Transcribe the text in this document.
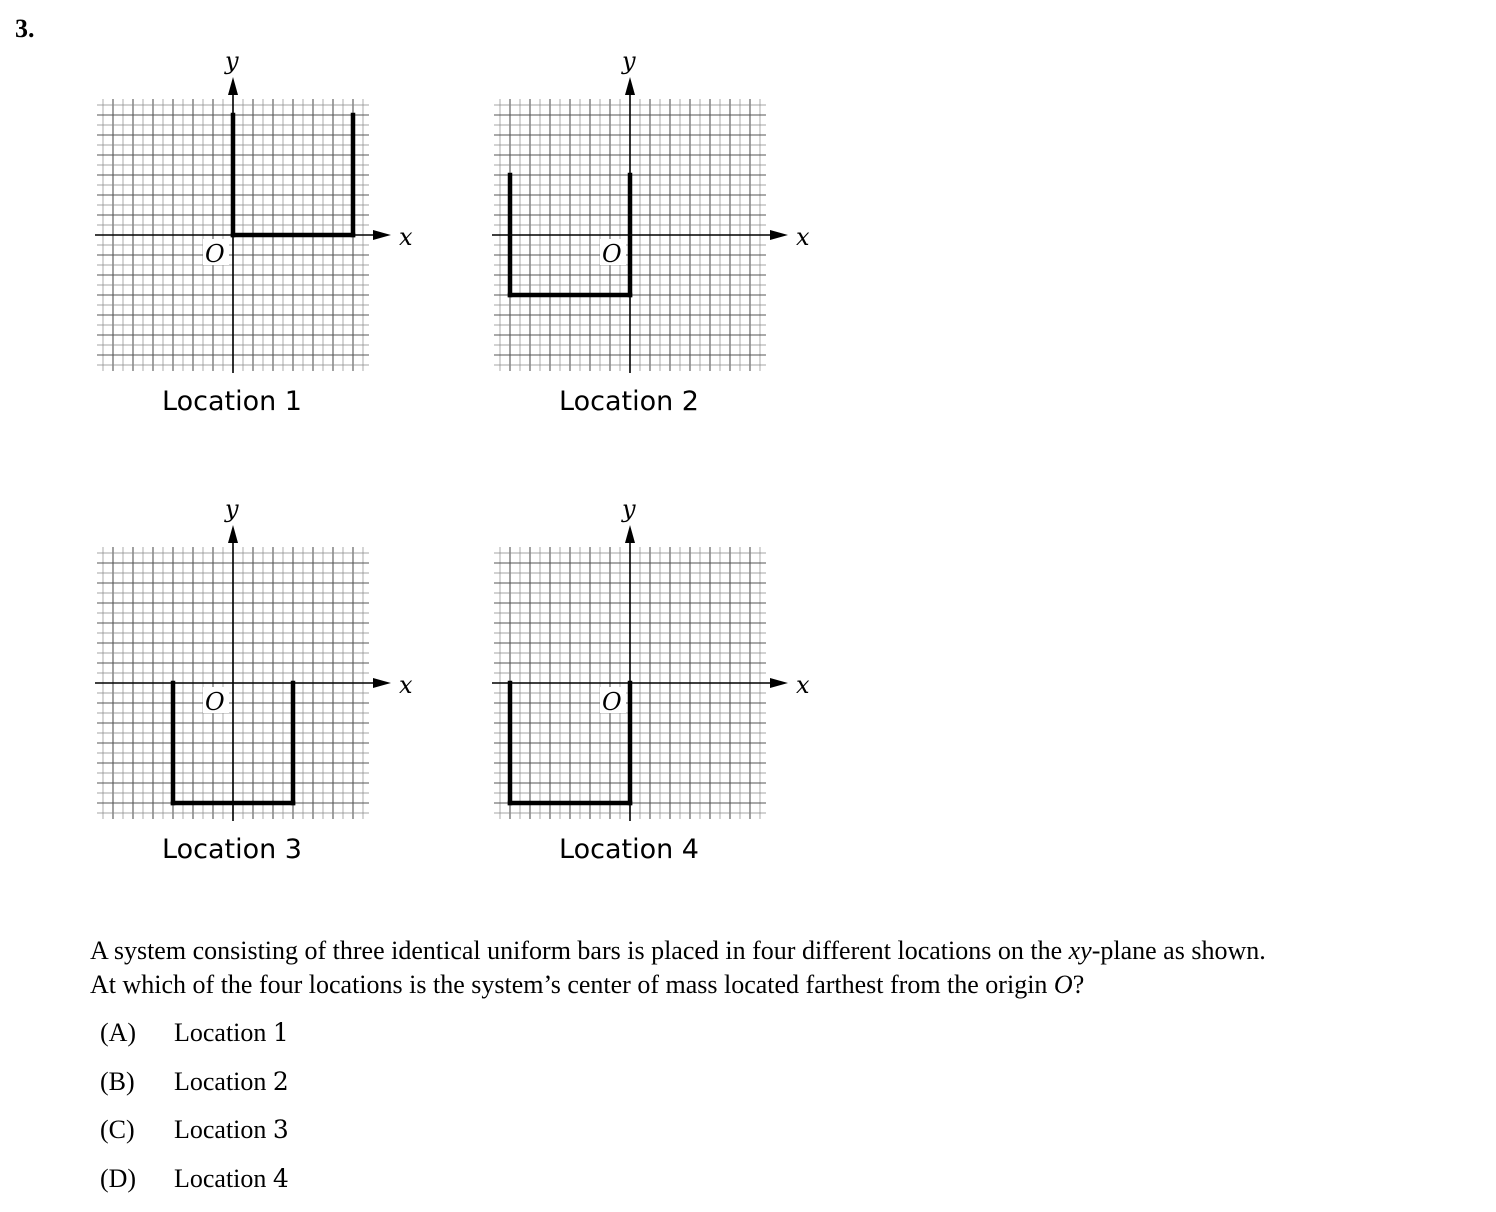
3.
x
y
O
Location 1
x
y
O
Location 2
x
y
O
Location 3
x
y
O
Location 4
A system consisting of three identical uniform bars is placed in four different locations on the xy-plane as shown.
At which of the four locations is the system’s center of mass located farthest from the origin O?
(A)	Location
1
(B)	Location
2
(C)	Location
3
(D)	Location
4
